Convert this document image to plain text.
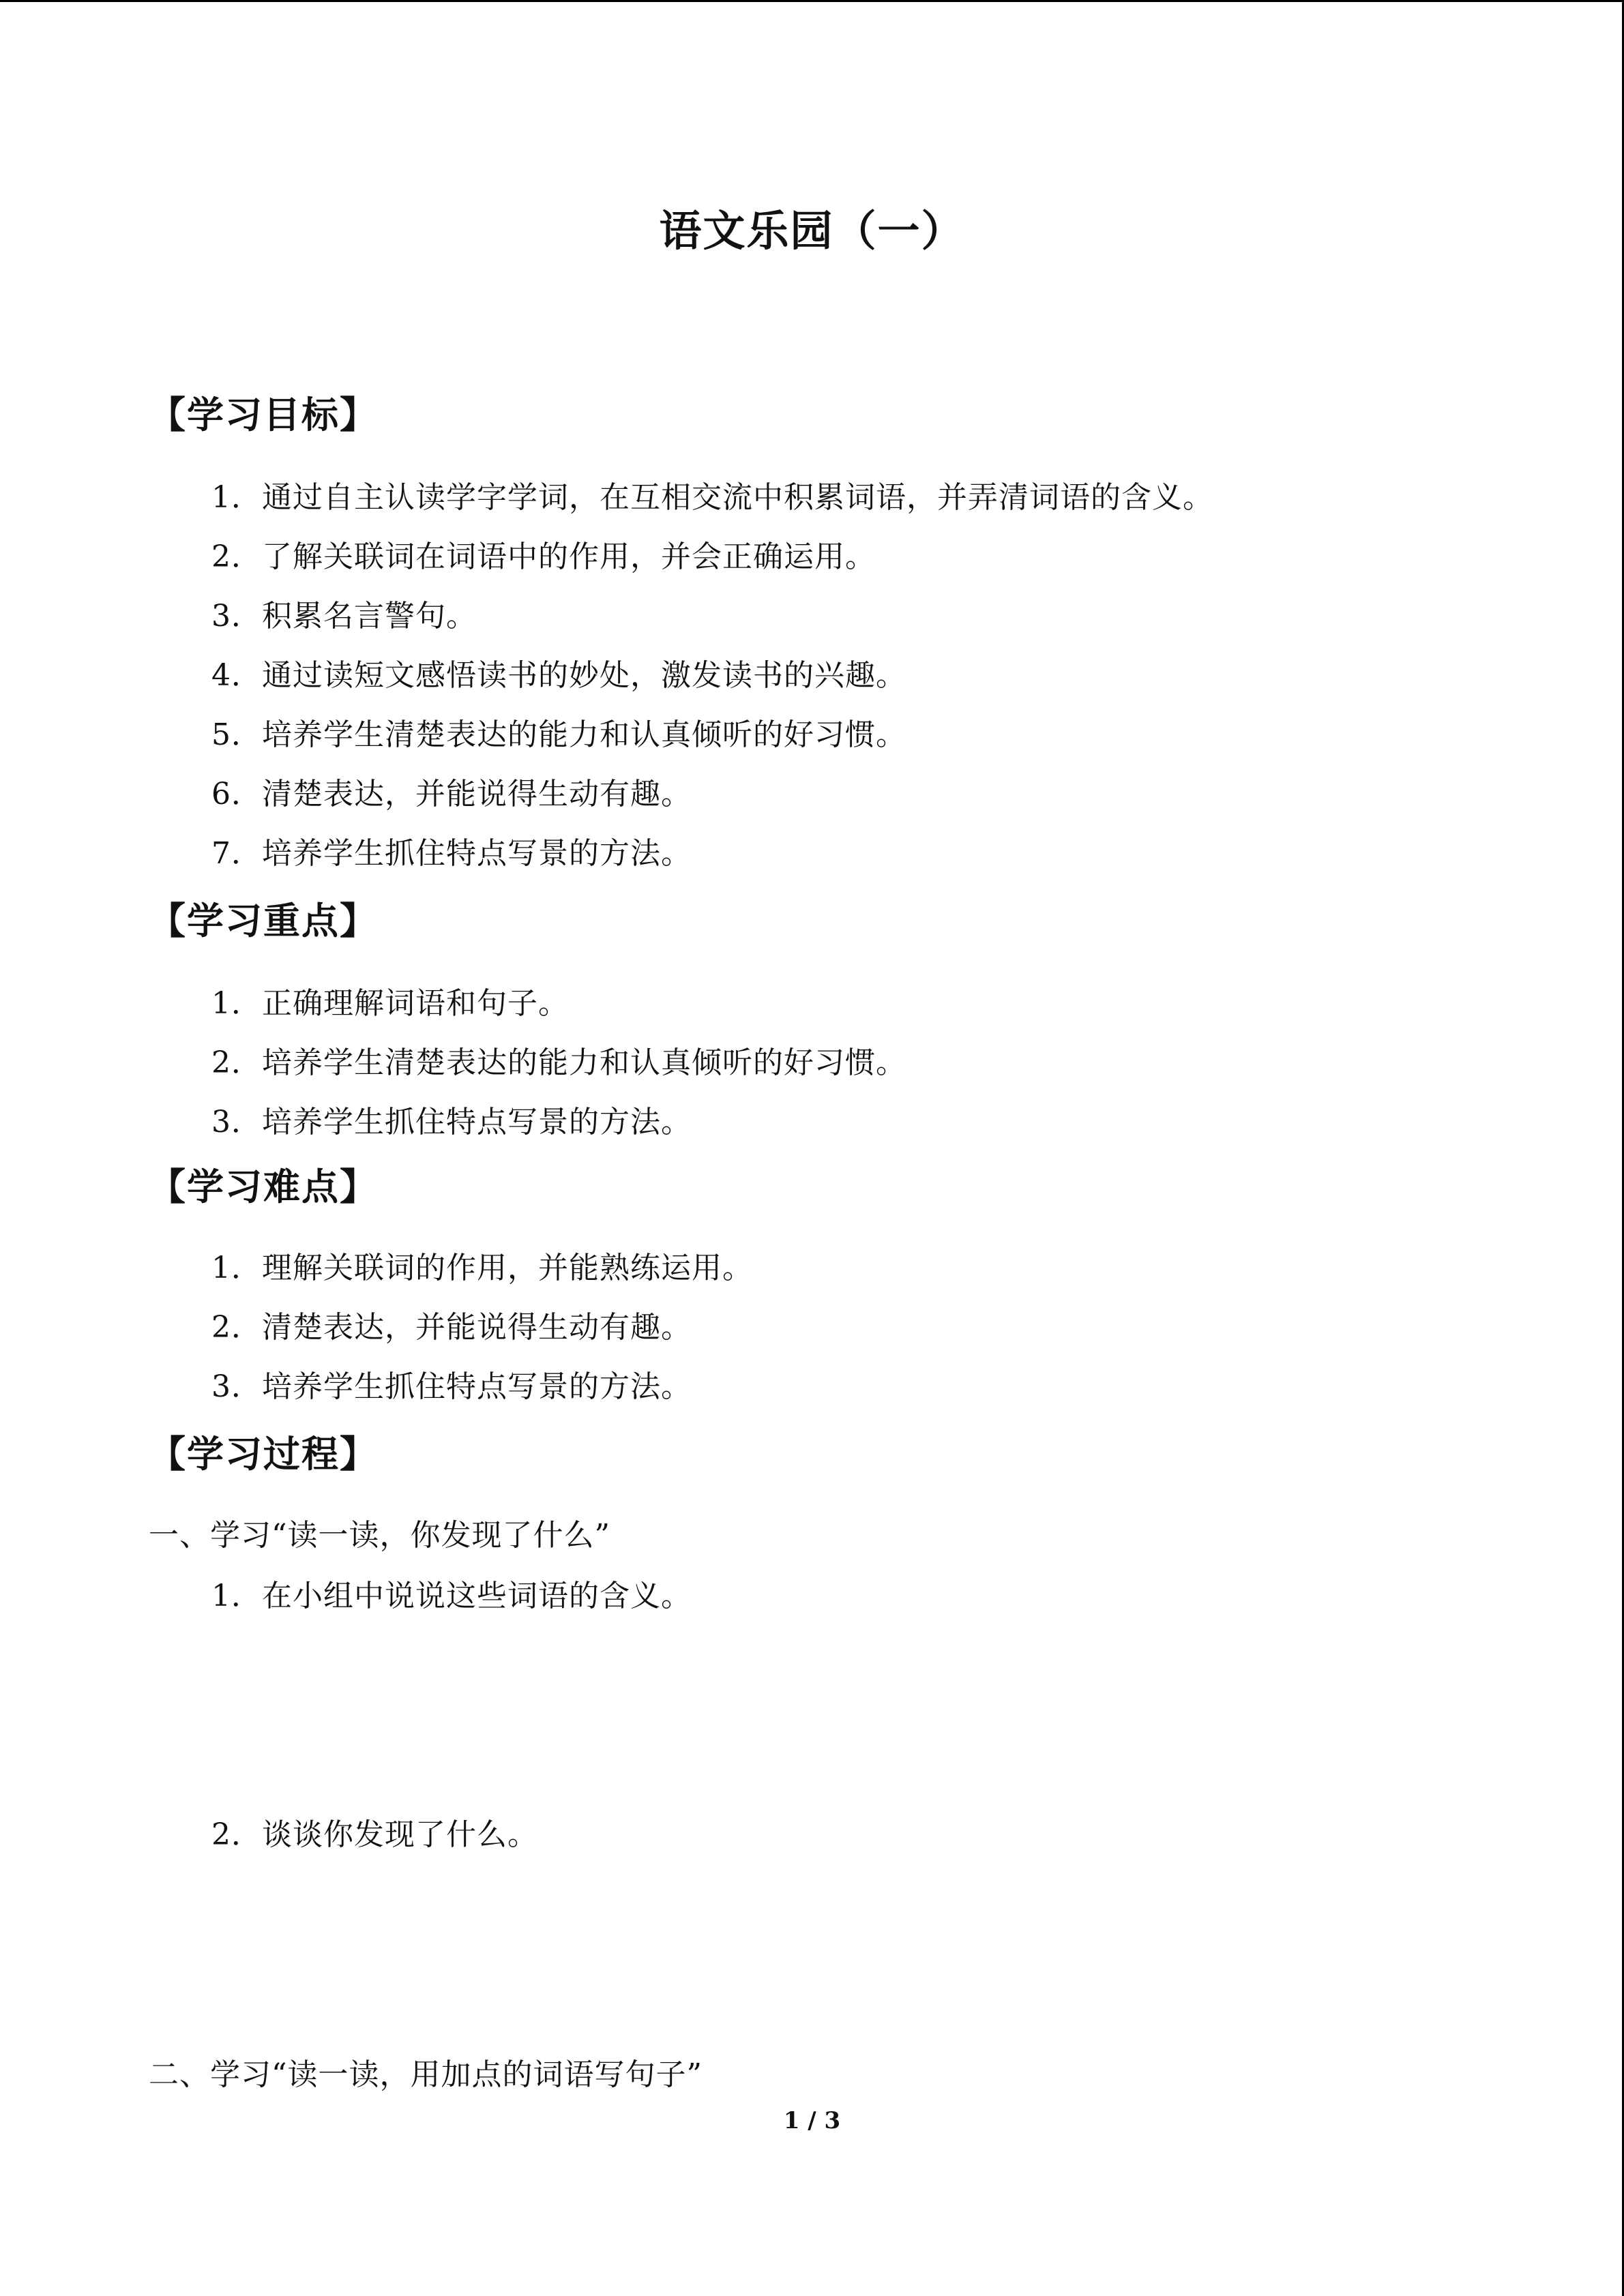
语文乐园（一）
【学习目标】
1．通过自主认读学字学词，在互相交流中积累词语，并弄清词语的含义。
2．了解关联词在词语中的作用，并会正确运用。
3．积累名言警句。
4．通过读短文感悟读书的妙处，激发读书的兴趣。
5．培养学生清楚表达的能力和认真倾听的好习惯。
6．清楚表达，并能说得生动有趣。
7．培养学生抓住特点写景的方法。
【学习重点】
1．正确理解词语和句子。
2．培养学生清楚表达的能力和认真倾听的好习惯。
3．培养学生抓住特点写景的方法。
【学习难点】
1．理解关联词的作用，并能熟练运用。
2．清楚表达，并能说得生动有趣。
3．培养学生抓住特点写景的方法。
【学习过程】
一、学习“读一读，你发现了什么”
1．在小组中说说这些词语的含义。
2．谈谈你发现了什么。
二、学习“读一读，用加点的词语写句子”
1 / 3
